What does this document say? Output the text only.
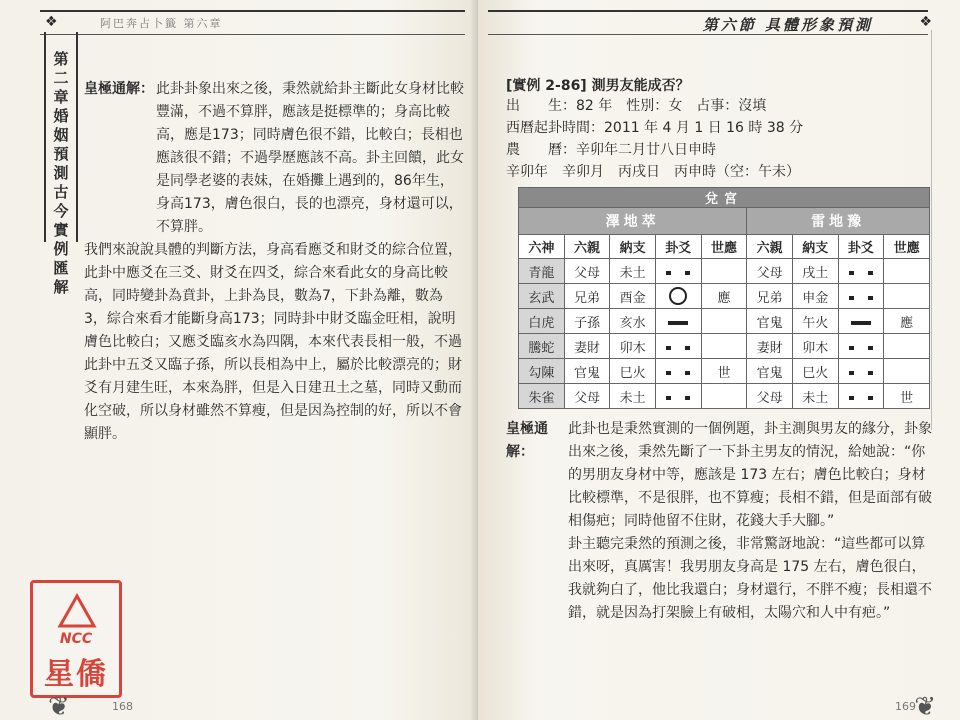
❖	阿巴奔占卜籤 第六章
第二章 婚姻預測古今實例匯解
皇極通解： 此卦卦象出來之後，秉然就給卦主斷此女身材比較豐滿，不過不算胖，應該是挺標準的；身高比較高，應是173；同時膚色很不錯，比較白；長相也應該很不錯；不過學歷應該不高。卦主回饋，此女是同學老婆的表妹，在婚攤上遇到的，86年生，身高173，膚色很白，長的也漂亮，身材還可以，不算胖。
我們來說說具體的判斷方法，身高看應爻和財爻的綜合位置，此卦中應爻在三爻、財爻在四爻，綜合來看此女的身高比較高，同時變卦為賁卦，上卦為艮，數為7，下卦為離，數為3，綜合來看才能斷身高173；同時卦中財爻臨金旺相，說明膚色比較白；又應爻臨亥水為四隅，本來代表長相一般，不過此卦中五爻又臨子孫，所以長相為中上，屬於比較漂亮的；財爻有月建生旺，本來為胖，但是入日建丑土之墓，同時又動而化空破，所以身材雖然不算瘦，但是因為控制的好，所以不會顯胖。
NCC
星僑
❦	168
第六節 具體形象預測	❖
[實例 2-86] 測男友能成否？
出　　生：82 年　性別：女　占事：沒填
西曆起卦時間：2011 年 4 月 1 日 16 時 38 分
農　　曆：辛卯年二月廿八日申時
辛卯年　辛卯月　丙戌日　丙申時（空：午未）
兌宮								
澤地萃					雷地豫			
六神	六親	納支	卦爻	世應	六親	納支	卦爻	世應
青龍	父母	未土			父母	戌土		
玄武	兄弟	酉金		應	兄弟	申金		
白虎	子孫	亥水			官鬼	午火		應
騰蛇	妻財	卯木			妻財	卯木		
勾陳	官鬼	巳火		世	官鬼	巳火		
朱雀	父母	未土			父母	未土		世
皇極通解：
此卦也是秉然實測的一個例題，卦主測與男友的緣分，卦象出來之後，秉然先斷了一下卦主男友的情況，給她說：“你的男朋友身材中等，應該是 173 左右；膚色比較白；身材比較標準，不是很胖，也不算瘦；長相不錯，但是面部有破相傷疤；同時他留不住財，花錢大手大腳。”
卦主聽完秉然的預測之後，非常驚訝地說：“這些都可以算出來呀，真厲害！我男朋友身高是 175 左右，膚色很白，我就夠白了，他比我還白；身材還行，不胖不瘦；長相還不錯，就是因為打架臉上有破相，太陽穴和人中有疤。”
❦
169
